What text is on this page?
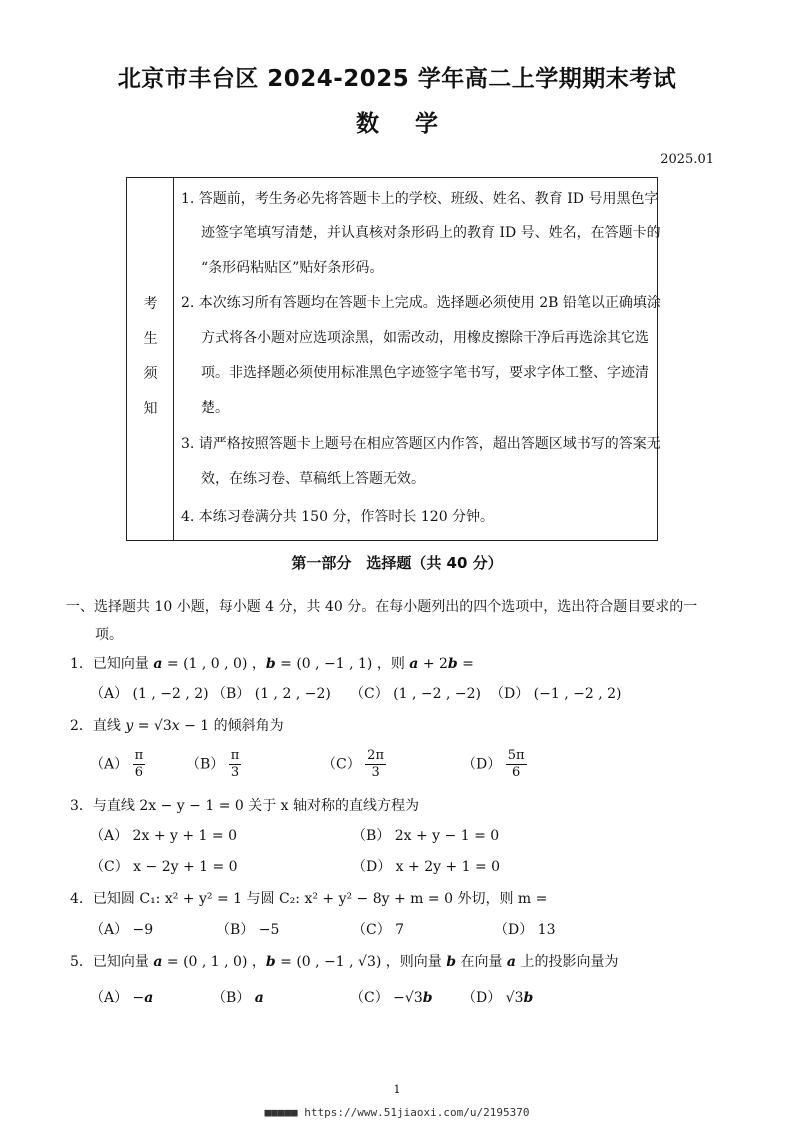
北京市丰台区 2024-2025 学年高二上学期期末考试
数学
2025.01
考
生
须
知
1. 答题前，考生务必先将答题卡上的学校、班级、姓名、教育 ID 号用黑色字
迹签字笔填写清楚，并认真核对条形码上的教育 ID 号、姓名，在答题卡的
“条形码粘贴区”贴好条形码。
2. 本次练习所有答题均在答题卡上完成。选择题必须使用 2B 铅笔以正确填涂
方式将各小题对应选项涂黑，如需改动，用橡皮擦除干净后再选涂其它选
项。非选择题必须使用标准黑色字迹签字笔书写，要求字体工整、字迹清
楚。
3. 请严格按照答题卡上题号在相应答题区内作答，超出答题区域书写的答案无
效，在练习卷、草稿纸上答题无效。
4. 本练习卷满分共 150 分，作答时长 120 分钟。
第一部分　选择题（共 40 分）
一、选择题共 10 小题，每小题 4 分，共 40 分。在每小题列出的四个选项中，选出符合题目要求的一
项。
1．已知向量 a = (1 , 0 , 0) ，b = (0 , −1 , 1) ，则 a + 2b =
（A） (1 , −2 , 2) （B） (1 , 2 , −2) （C） (1 , −2 , −2) （D） (−1 , −2 , 2)
2．直线 y = √3x − 1 的倾斜角为
$(A) \frac{\pi}{6}$	$(B) \frac{\pi}{3}$	$(C) \frac{2\pi}{3}$	$(D) \frac{5\pi}{6}$
3．与直线 2x − y − 1 = 0 关于 x 轴对称的直线方程为
（A） 2x + y + 1 = 0	（B） 2x + y − 1 = 0
（C） x − 2y + 1 = 0	（D） x + 2y + 1 = 0
4．已知圆 C₁: x² + y² = 1 与圆 C₂: x² + y² − 8y + m = 0 外切，则 m =
（A） −9	（B） −5	（C） 7	（D） 13
5．已知向量 a = (0 , 1 , 0) ，b = (0 , −1 , √3) ，则向量 b 在向量 a 上的投影向量为
（A） −a	（B） a	（C） −√3b （D） √3b
1
■■■■■ https://www.51jiaoxi.com/u/2195370
